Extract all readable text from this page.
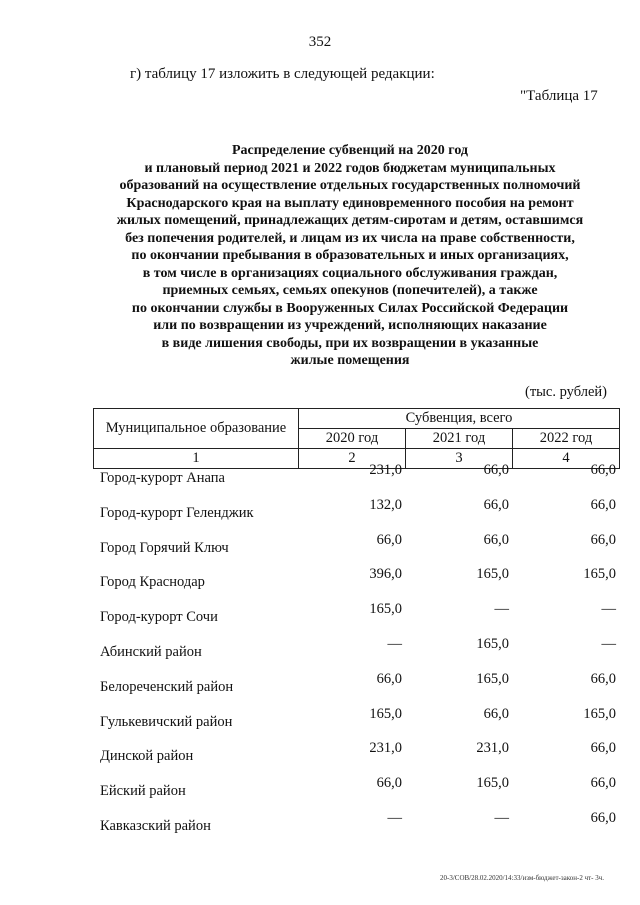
352
г) таблицу 17 изложить в следующей редакции:
"Таблица 17
Распределение субвенций на 2020 год
и плановый период 2021 и 2022 годов бюджетам муниципальных
образований на осуществление отдельных государственных полномочий
Краснодарского края на выплату единовременного пособия на ремонт
жилых помещений, принадлежащих детям-сиротам и детям, оставшимся
без попечения родителей, и лицам из их числа на праве собственности,
по окончании пребывания в образовательных и иных организациях,
в том числе в организациях социального обслуживания граждан,
приемных семьях, семьях опекунов (попечителей), а также
по окончании службы в Вооруженных Силах Российской Федерации
или по возвращении из учреждений, исполняющих наказание
в виде лишения свободы, при их возвращении в указанные
жилые помещения
(тыс. рублей)
Муниципальное образование	Субвенция, всего		
	2020 год	2021 год	2022 год
1	2	3	4
Город-курорт Анапа	231,0	66,0	66,0
Город-курорт Геленджик	132,0	66,0	66,0
Город Горячий Ключ	66,0	66,0	66,0
Город Краснодар	396,0	165,0	165,0
Город-курорт Сочи	165,0	—	—
Абинский район	—	165,0	—
Белореченский район	66,0	165,0	66,0
Гулькевичский район	165,0	66,0	165,0
Динской район	231,0	231,0	66,0
Ейский район	66,0	165,0	66,0
Кавказский район	—	—	66,0
20-3/СОВ/28.02.2020/14:33/изм-бюджет-закон-2 чт- 3ч.
